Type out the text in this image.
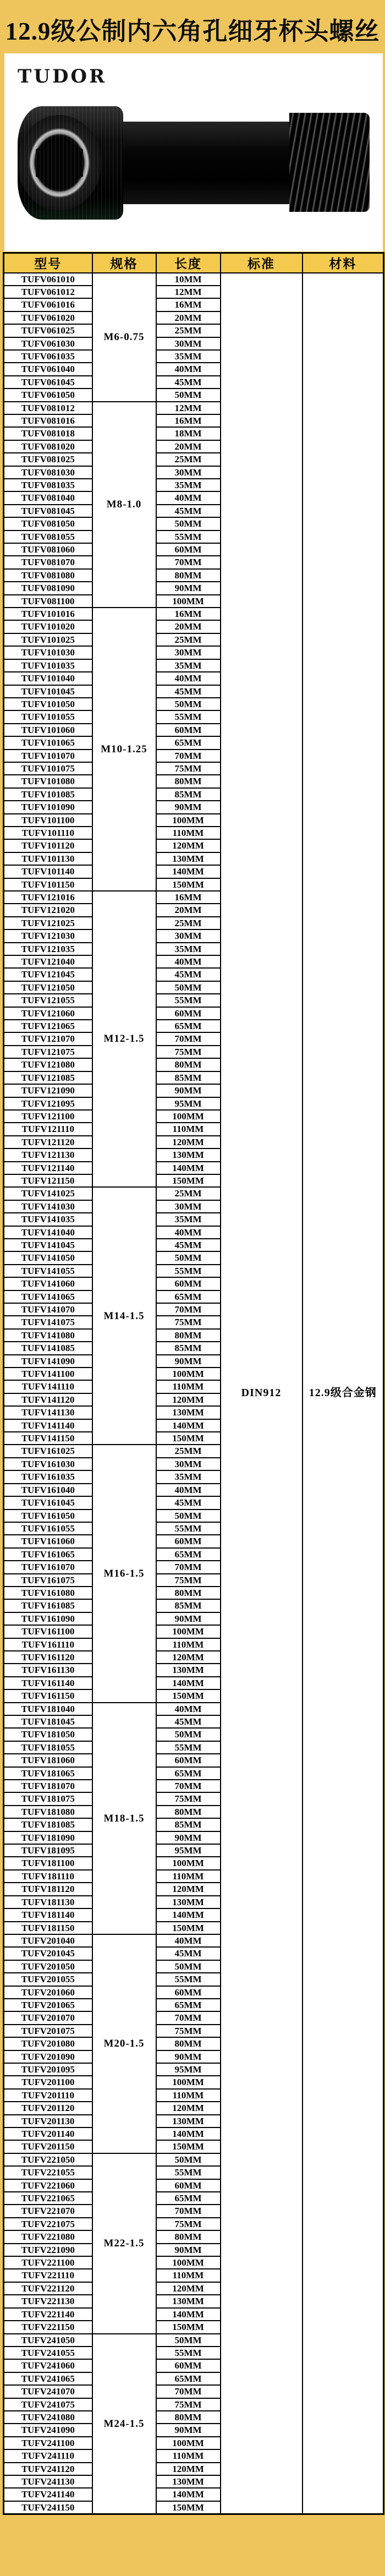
12.9级公制内六角孔细牙杯头螺丝
TUDOR
型号	规格	长度	标准	材料
TUFV061010	M6-0.75	10MM	DIN912	12.9级合金钢
TUFV061012		12MM		
TUFV061016		16MM		
TUFV061020		20MM		
TUFV061025		25MM		
TUFV061030		30MM		
TUFV061035		35MM		
TUFV061040		40MM		
TUFV061045		45MM		
TUFV061050		50MM		
TUFV081012	M8-1.0	12MM		
TUFV081016		16MM		
TUFV081018		18MM		
TUFV081020		20MM		
TUFV081025		25MM		
TUFV081030		30MM		
TUFV081035		35MM		
TUFV081040		40MM		
TUFV081045		45MM		
TUFV081050		50MM		
TUFV081055		55MM		
TUFV081060		60MM		
TUFV081070		70MM		
TUFV081080		80MM		
TUFV081090		90MM		
TUFV081100		100MM		
TUFV101016	M10-1.25	16MM		
TUFV101020		20MM		
TUFV101025		25MM		
TUFV101030		30MM		
TUFV101035		35MM		
TUFV101040		40MM		
TUFV101045		45MM		
TUFV101050		50MM		
TUFV101055		55MM		
TUFV101060		60MM		
TUFV101065		65MM		
TUFV101070		70MM		
TUFV101075		75MM		
TUFV101080		80MM		
TUFV101085		85MM		
TUFV101090		90MM		
TUFV101100		100MM		
TUFV101110		110MM		
TUFV101120		120MM		
TUFV101130		130MM		
TUFV101140		140MM		
TUFV101150		150MM		
TUFV121016	M12-1.5	16MM		
TUFV121020		20MM		
TUFV121025		25MM		
TUFV121030		30MM		
TUFV121035		35MM		
TUFV121040		40MM		
TUFV121045		45MM		
TUFV121050		50MM		
TUFV121055		55MM		
TUFV121060		60MM		
TUFV121065		65MM		
TUFV121070		70MM		
TUFV121075		75MM		
TUFV121080		80MM		
TUFV121085		85MM		
TUFV121090		90MM		
TUFV121095		95MM		
TUFV121100		100MM		
TUFV121110		110MM		
TUFV121120		120MM		
TUFV121130		130MM		
TUFV121140		140MM		
TUFV121150		150MM		
TUFV141025	M14-1.5	25MM		
TUFV141030		30MM		
TUFV141035		35MM		
TUFV141040		40MM		
TUFV141045		45MM		
TUFV141050		50MM		
TUFV141055		55MM		
TUFV141060		60MM		
TUFV141065		65MM		
TUFV141070		70MM		
TUFV141075		75MM		
TUFV141080		80MM		
TUFV141085		85MM		
TUFV141090		90MM		
TUFV141100		100MM		
TUFV141110		110MM		
TUFV141120		120MM		
TUFV141130		130MM		
TUFV141140		140MM		
TUFV141150		150MM		
TUFV161025	M16-1.5	25MM		
TUFV161030		30MM		
TUFV161035		35MM		
TUFV161040		40MM		
TUFV161045		45MM		
TUFV161050		50MM		
TUFV161055		55MM		
TUFV161060		60MM		
TUFV161065		65MM		
TUFV161070		70MM		
TUFV161075		75MM		
TUFV161080		80MM		
TUFV161085		85MM		
TUFV161090		90MM		
TUFV161100		100MM		
TUFV161110		110MM		
TUFV161120		120MM		
TUFV161130		130MM		
TUFV161140		140MM		
TUFV161150		150MM		
TUFV181040	M18-1.5	40MM		
TUFV181045		45MM		
TUFV181050		50MM		
TUFV181055		55MM		
TUFV181060		60MM		
TUFV181065		65MM		
TUFV181070		70MM		
TUFV181075		75MM		
TUFV181080		80MM		
TUFV181085		85MM		
TUFV181090		90MM		
TUFV181095		95MM		
TUFV181100		100MM		
TUFV181110		110MM		
TUFV181120		120MM		
TUFV181130		130MM		
TUFV181140		140MM		
TUFV181150		150MM		
TUFV201040	M20-1.5	40MM		
TUFV201045		45MM		
TUFV201050		50MM		
TUFV201055		55MM		
TUFV201060		60MM		
TUFV201065		65MM		
TUFV201070		70MM		
TUFV201075		75MM		
TUFV201080		80MM		
TUFV201090		90MM		
TUFV201095		95MM		
TUFV201100		100MM		
TUFV201110		110MM		
TUFV201120		120MM		
TUFV201130		130MM		
TUFV201140		140MM		
TUFV201150		150MM		
TUFV221050	M22-1.5	50MM		
TUFV221055		55MM		
TUFV221060		60MM		
TUFV221065		65MM		
TUFV221070		70MM		
TUFV221075		75MM		
TUFV221080		80MM		
TUFV221090		90MM		
TUFV221100		100MM		
TUFV221110		110MM		
TUFV221120		120MM		
TUFV221130		130MM		
TUFV221140		140MM		
TUFV221150		150MM		
TUFV241050	M24-1.5	50MM		
TUFV241055		55MM		
TUFV241060		60MM		
TUFV241065		65MM		
TUFV241070		70MM		
TUFV241075		75MM		
TUFV241080		80MM		
TUFV241090		90MM		
TUFV241100		100MM		
TUFV241110		110MM		
TUFV241120		120MM		
TUFV241130		130MM		
TUFV241140		140MM		
TUFV241150		150MM		
